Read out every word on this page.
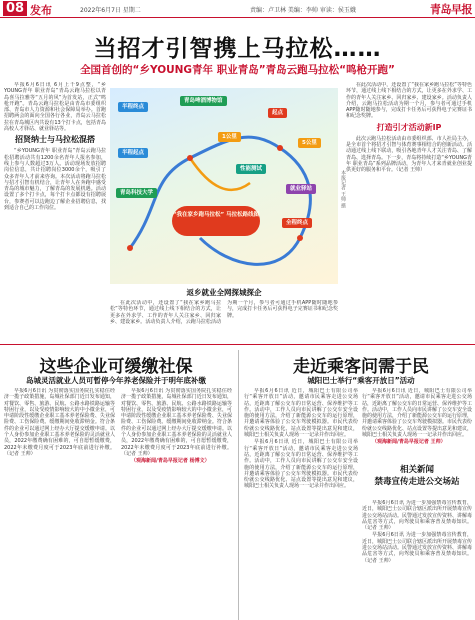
08 发布	2022年6月7日 星期二	责编：卢卫林 美编：李帅 审读：侯玉娥	青岛早报
当招才引智携上马拉松……
全国首创的“乡YOUNG青年 职业青岛”青岛云跑马拉松“鸣枪开跑”

早报6月6日讯 6月上千9点整，“乡YOUNG青年 职业青岛”青岛云跑马拉松以青岛喜马拉雅等“五月的风”为首发站，正式“鸣枪开跑”。青岛云跑马拉松是由青岛市委组织部、青岛市人力资源和社会保障局举办。首跑招聘两会的面向全国各行各业，青岛云马拉松拉在青岛城区内共设有13个打卡点，包括青岛高校人才驿站、就业驿站等。

招贤纳士与马拉松混搭

“乡YOUNG青年 职业青岛”青岛云跑马拉松招聘活动共有1200余名青年人报名参加，线上参与人数超过3万人。活动现场发放招聘岗位信息，共计招聘岗位3000余个，吸引了众多青年人才前来咨询。本次活动将跑马拉松与招才引智有机结合，让青年人在奔跑中感受青岛的城市魅力，了解青岛的发展机遇。活动设置了多个打卡点，每个打卡点都设有招聘展台，参赛者可以边跑边了解企业招聘信息，找到适合自己的工作岗位。

半程终点
青岛啤酒博物馆
起点
1公里
5公里
半程起点
青岛科技大学
就业驿站
全程终点
性能测试
“我在家乡跑马拉松” 马拉松路线图
返乡就业全网探城探企
本报记者 王帅 摄

在此次活动中，还设置了“我在家乡跑马拉松”等特色环节，通过线上线下相结合的方式，让更多在外求学、工作的青年人关注家乡、回归家乡、建设家乡。活动负责人介绍，云跑马拉松活动为期一个月，参与者可通过手机APP随时随地参与，完成打卡任务后可获得电子完赛证书和纪念奖牌。

在此次活动中，还设置了“我在家乡跑马拉松”等特色环节，通过线上线下相结合的方式，让更多在外求学、工作的青年人关注家乡、回归家乡、建设家乡。活动负责人介绍，云跑马拉松活动为期一个月，参与者可通过手机APP随时随地参与，完成打卡任务后可获得电子完赛证书和纪念奖牌。

打造引才活动新IP

此次云跑马拉松活动由市委组织部、市人社局主办，是全市首个将招才引智与体育赛事相结合的创新活动。活动通过线上线下联动，吸引各地青年人才关注青岛、了解青岛、选择青岛。下一步，青岛将持续打造“乡YOUNG青年 职业青岛”系列品牌活动，为青年人才来青就业创业提供更好的服务和平台。（记者 王帅）

这些企业可缓缴社保
岛城灵活就业人员可暂停今年养老保险并于明年底补缴

早报6月6日讯 为贯彻落实国务院扎实稳住经济一揽子政策措施，岛城社保部门近日发布通知，对餐饮、零售、旅游、民航、公路水路铁路运输等特困行业，以及受疫情影响较大的中小微企业，可申请阶段性缓缴企业职工基本养老保险费、失业保险费、工伤保险费。缓缴期间免收滞纳金。符合条件的企业可以通过网上经办大厅提交缓缴申请。以个人身份参加企业职工基本养老保险的灵活就业人员，2022年缴费确有困难的，可自愿暂缓缴费，2022年未缴费月度可于2023年底前进行补缴。（记者 王帅）

早报6月6日讯 为贯彻落实国务院扎实稳住经济一揽子政策措施，岛城社保部门近日发布通知，对餐饮、零售、旅游、民航、公路水路铁路运输等特困行业，以及受疫情影响较大的中小微企业，可申请阶段性缓缴企业职工基本养老保险费、失业保险费、工伤保险费。缓缴期间免收滞纳金。符合条件的企业可以通过网上经办大厅提交缓缴申请。以个人身份参加企业职工基本养老保险的灵活就业人员，2022年缴费确有困难的，可自愿暂缓缴费，2022年未缴费月度可于2023年底前进行补缴。（记者 王帅）

（观海新闻/青岛早报记者 杨博文）

走近乘客问需于民
城阳巴士举行“乘客开放日”活动

早报6月6日讯 近日，城阳巴士有限公司举行“乘客开放日”活动，邀请市民乘客走进公交场站，近距离了解公交车的日常运营、保养维护等工作。活动中，工作人员向市民讲解了公交车安全设施的使用方法，介绍了新能源公交车的运行原理，并邀请乘客体验了公交车驾驶模拟器。市民代表纷纷就公交线路优化、站点设置等提出意见和建议，城阳巴士相关负责人现场一一记录并作出回应。

早报6月6日讯 近日，城阳巴士有限公司举行“乘客开放日”活动，邀请市民乘客走进公交场站，近距离了解公交车的日常运营、保养维护等工作。活动中，工作人员向市民讲解了公交车安全设施的使用方法，介绍了新能源公交车的运行原理，并邀请乘客体验了公交车驾驶模拟器。市民代表纷纷就公交线路优化、站点设置等提出意见和建议，城阳巴士相关负责人现场一一记录并作出回应。

早报6月6日讯 近日，城阳巴士有限公司举行“乘客开放日”活动，邀请市民乘客走进公交场站，近距离了解公交车的日常运营、保养维护等工作。活动中，工作人员向市民讲解了公交车安全设施的使用方法，介绍了新能源公交车的运行原理，并邀请乘客体验了公交车驾驶模拟器。市民代表纷纷就公交线路优化、站点设置等提出意见和建议，城阳巴士相关负责人现场一一记录并作出回应。

（观海新闻/青岛早报记者 王帅）

相关新闻
禁毒宣传走进公交场站

早报6月6日讯 为进一步加强禁毒宣传教育，近日，城阳巴士公司联合辖区派出所开展禁毒宣传进公交场站活动。民警通过发放宣传资料、讲解毒品危害等方式，向驾驶员和乘客普及禁毒知识。（记者 王帅）

早报6月6日讯 为进一步加强禁毒宣传教育，近日，城阳巴士公司联合辖区派出所开展禁毒宣传进公交场站活动。民警通过发放宣传资料、讲解毒品危害等方式，向驾驶员和乘客普及禁毒知识。（记者 王帅）
